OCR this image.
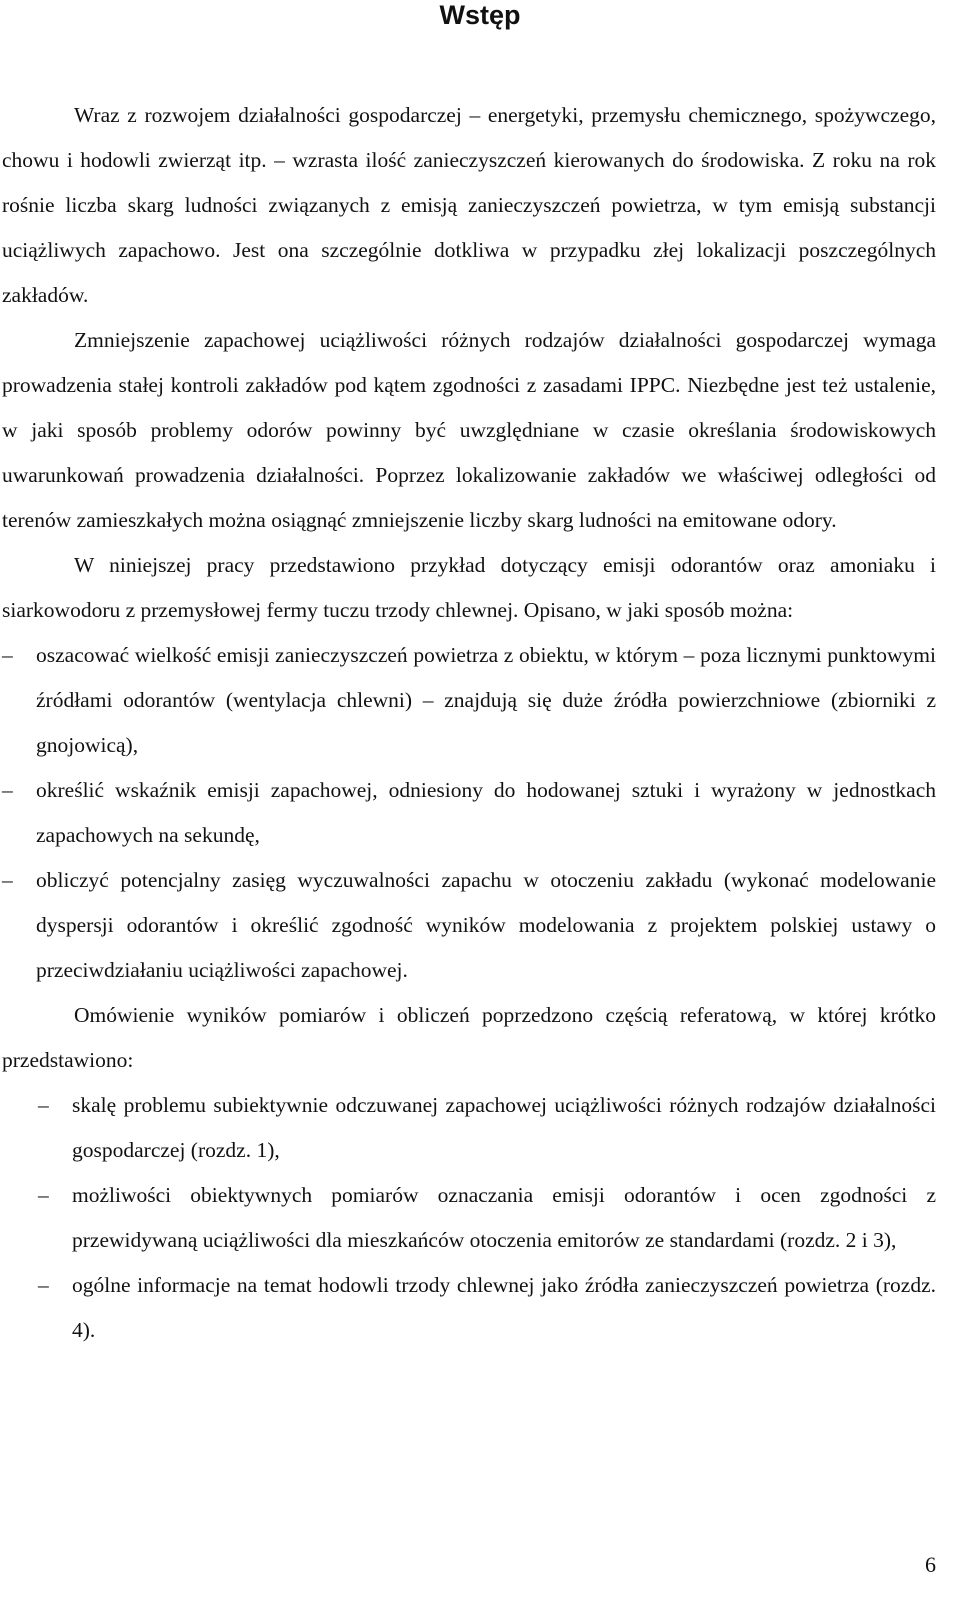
Wstęp

Wraz z rozwojem działalności gospodarczej – energetyki, przemysłu chemicznego, spożywczego, chowu i hodowli zwierząt itp. – wzrasta ilość zanieczyszczeń kierowanych do środowiska. Z roku na rok rośnie liczba skarg ludności związanych z emisją zanieczyszczeń powietrza, w tym emisją substancji uciążliwych zapachowo. Jest ona szczególnie dotkliwa w przypadku złej lokalizacji poszczególnych zakładów.

Zmniejszenie zapachowej uciążliwości różnych rodzajów działalności gospodarczej wymaga prowadzenia stałej kontroli zakładów pod kątem zgodności z zasadami IPPC. Niezbędne jest też ustalenie, w jaki sposób problemy odorów powinny być uwzględniane w czasie określania środowiskowych uwarunkowań prowadzenia działalności. Poprzez lokalizowanie zakładów we właściwej odległości od terenów zamieszkałych można osiągnąć zmniejszenie liczby skarg ludności na emitowane odory.

W niniejszej pracy przedstawiono przykład dotyczący emisji odorantów oraz amoniaku i siarkowodoru z przemysłowej fermy tuczu trzody chlewnej. Opisano, w jaki sposób można:

– oszacować wielkość emisji zanieczyszczeń powietrza z obiektu, w którym – poza licznymi punktowymi źródłami odorantów (wentylacja chlewni) – znajdują się duże źródła powierzchniowe (zbiorniki z gnojowicą),
– określić wskaźnik emisji zapachowej, odniesiony do hodowanej sztuki i wyrażony w jednostkach zapachowych na sekundę,
– obliczyć potencjalny zasięg wyczuwalności zapachu w otoczeniu zakładu (wykonać modelowanie dyspersji odorantów i określić zgodność wyników modelowania z projektem polskiej ustawy o przeciwdziałaniu uciążliwości zapachowej.

Omówienie wyników pomiarów i obliczeń poprzedzono częścią referatową, w której krótko przedstawiono:

– skalę problemu subiektywnie odczuwanej zapachowej uciążliwości różnych rodzajów działalności gospodarczej (rozdz. 1),
– możliwości obiektywnych pomiarów oznaczania emisji odorantów i ocen zgodności z przewidywaną uciążliwości dla mieszkańców otoczenia emitorów ze standardami (rozdz. 2 i 3),
– ogólne informacje na temat hodowli trzody chlewnej jako źródła zanieczyszczeń powietrza (rozdz. 4).
6
